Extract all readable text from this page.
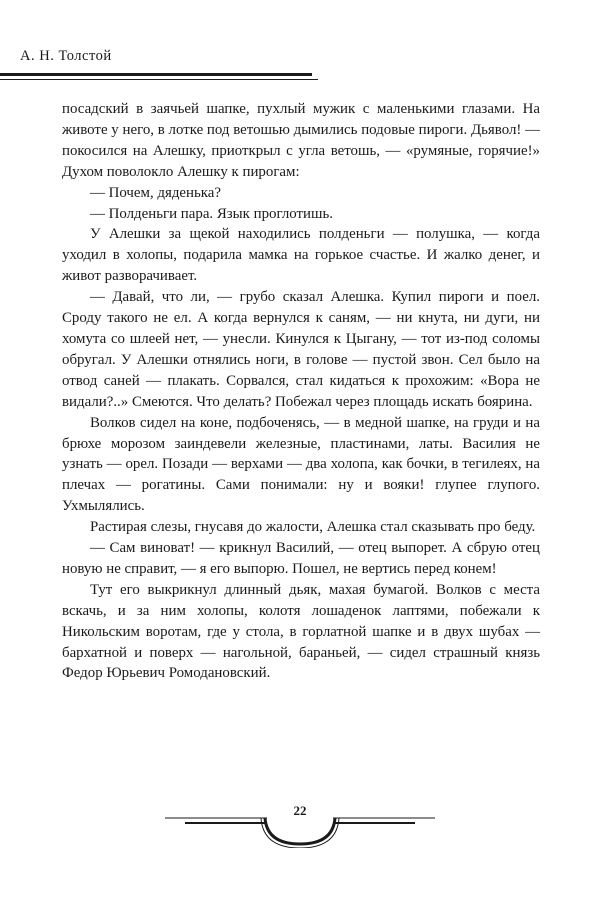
А. Н. Толстой

посадский в заячьей шапке, пухлый мужик с маленькими глазами. На животе у него, в лотке под ветошью дымились подовые пироги. Дьявол! — покосился на Алешку, приоткрыл с угла ветошь, — «румяные, горячие!» Духом поволокло Алешку к пирогам:

— Почем, дяденька?

— Полденьги пара. Язык проглотишь.

У Алешки за щекой находились полденьги — полушка, — когда уходил в холопы, подарила мамка на горькое счастье. И жалко денег, и живот разворачивает.

— Давай, что ли, — грубо сказал Алешка. Купил пироги и поел. Сроду такого не ел. А когда вернулся к саням, — ни кнута, ни дуги, ни хомута со шлеей нет, — унесли. Кинулся к Цыгану, — тот из-под соломы обругал. У Алешки отнялись ноги, в голове — пустой звон. Сел было на отвод саней — плакать. Сорвался, стал кидаться к прохожим: «Вора не видали?..» Смеются. Что делать? Побежал через площадь искать боярина.

Волков сидел на коне, подбоченясь, — в медной шапке, на груди и на брюхе морозом заиндевели железные, пластинами, латы. Василия не узнать — орел. Позади — верхами — два холопа, как бочки, в тегилеях, на плечах — рогатины. Сами понимали: ну и вояки! глупее глупого. Ухмылялись.

Растирая слезы, гнусавя до жалости, Алешка стал сказывать про беду.

— Сам виноват! — крикнул Василий, — отец выпорет. А сбрую отец новую не справит, — я его выпорю. Пошел, не вертись перед конем!

Тут его выкрикнул длинный дьяк, махая бумагой. Волков с места вскачь, и за ним холопы, колотя лошаденок лаптями, побежали к Никольским воротам, где у стола, в горлатной шапке и в двух шубах — бархатной и поверх — нагольной, бараньей, — сидел страшный князь Федор Юрьевич Ромодановский.

22
